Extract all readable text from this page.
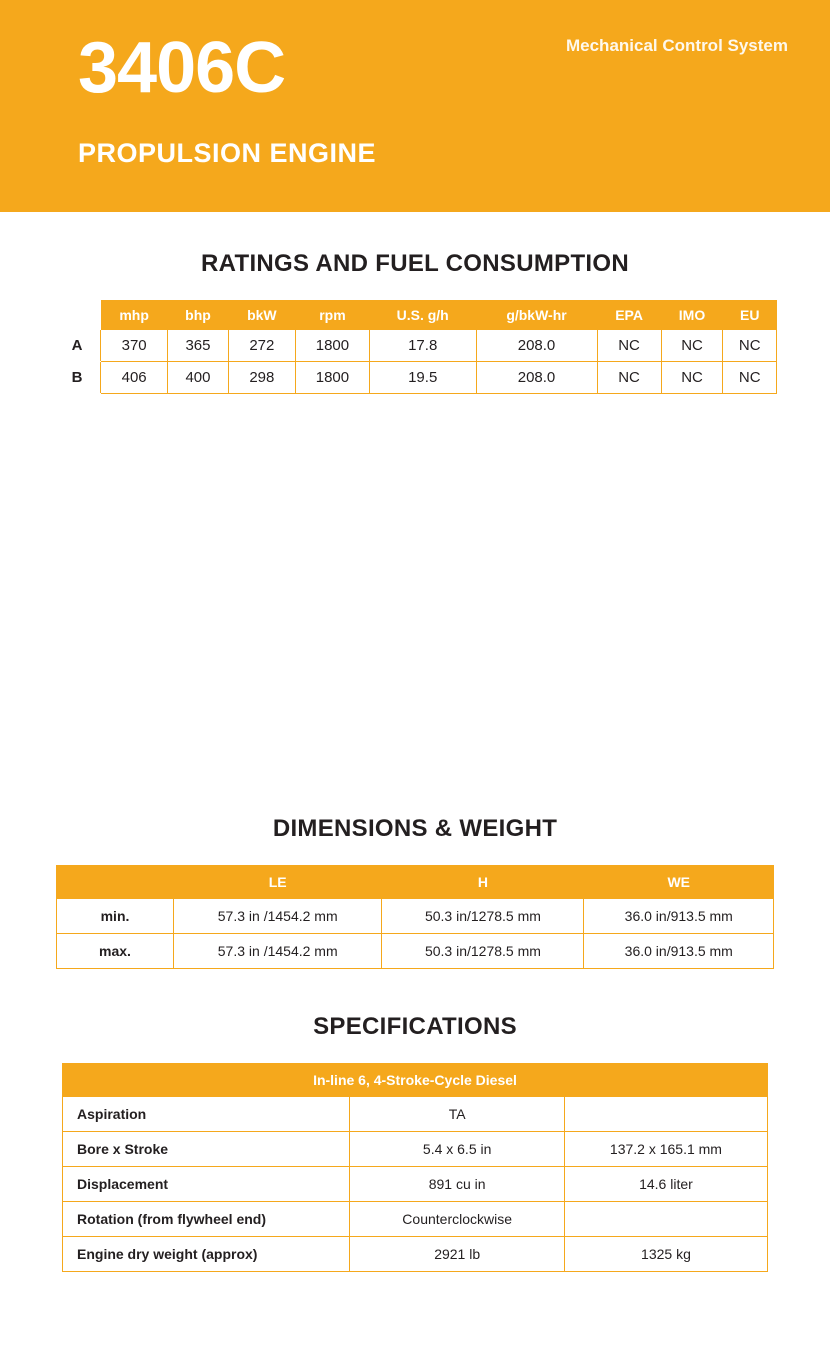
3406C
PROPULSION ENGINE
Mechanical Control System
RATINGS AND FUEL CONSUMPTION
	mhp	bhp	bkW	rpm	U.S. g/h	g/bkW-hr	EPA	IMO	EU
A	370	365	272	1800	17.8	208.0	NC	NC	NC
B	406	400	298	1800	19.5	208.0	NC	NC	NC
DIMENSIONS & WEIGHT
	LE	H	WE
min.	57.3 in /1454.2 mm	50.3 in/1278.5 mm	36.0 in/913.5 mm
max.	57.3 in /1454.2 mm	50.3 in/1278.5 mm	36.0 in/913.5 mm
SPECIFICATIONS
In-line 6, 4-Stroke-Cycle Diesel		
Aspiration	TA	
Bore x Stroke	5.4 x 6.5 in	137.2 x 165.1 mm
Displacement	891 cu in	14.6 liter
Rotation (from flywheel end)	Counterclockwise	
Engine dry weight (approx)	2921 lb	1325 kg
